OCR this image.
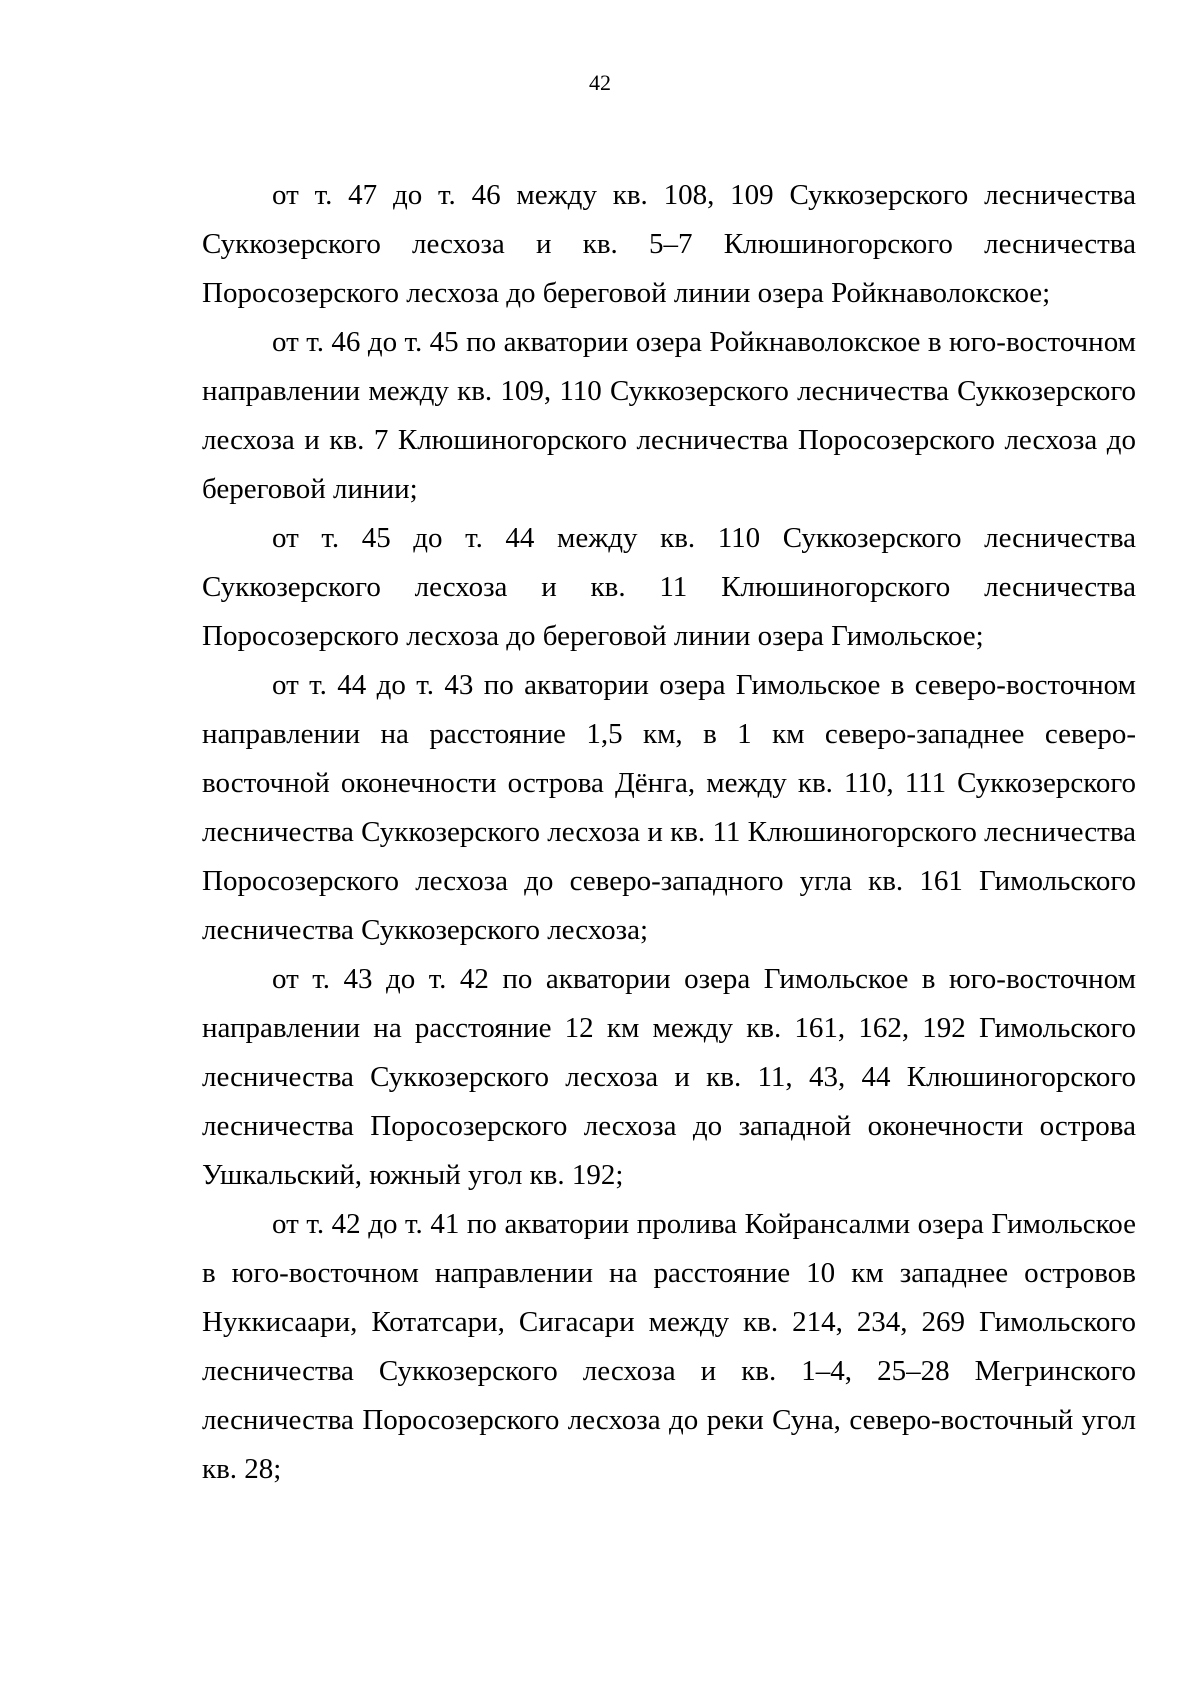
42

от т. 47 до т. 46 между кв. 108, 109 Суккозерского лесничества Суккозерского лесхоза и кв. 5–7 Клюшиногорского лесничества Поросозерского лесхоза до береговой линии озера Ройкнаволокское;

от т. 46 до т. 45 по акватории озера Ройкнаволокское в юго-восточном направлении между кв. 109, 110 Суккозерского лесничества Суккозерского лесхоза и кв. 7 Клюшиногорского лесничества Поросозерского лесхоза до береговой линии;

от т. 45 до т. 44 между кв. 110 Суккозерского лесничества Суккозерского лесхоза и кв. 11 Клюшиногорского лесничества Поросозерского лесхоза до береговой линии озера Гимольское;

от т. 44 до т. 43 по акватории озера Гимольское в северо-восточном направлении на расстояние 1,5 км, в 1 км северо-западнее северо-восточной оконечности острова Дёнга, между кв. 110, 111 Суккозерского лесничества Суккозерского лесхоза и кв. 11 Клюшиногорского лесничества Поросозерского лесхоза до северо-западного угла кв. 161 Гимольского лесничества Суккозерского лесхоза;

от т. 43 до т. 42 по акватории озера Гимольское в юго-восточном направлении на расстояние 12 км между кв. 161, 162, 192 Гимольского лесничества Суккозерского лесхоза и кв. 11, 43, 44 Клюшиногорского лесничества Поросозерского лесхоза до западной оконечности острова Ушкальский, южный угол кв. 192;

от т. 42 до т. 41 по акватории пролива Койрансалми озера Гимольское в юго-восточном направлении на расстояние 10 км западнее островов Нуккисаари, Котатсари, Сигасари между кв. 214, 234, 269 Гимольского лесничества Суккозерского лесхоза и кв. 1–4, 25–28 Мегринского лесничества Поросозерского лесхоза до реки Суна, северо-восточный угол кв. 28;
